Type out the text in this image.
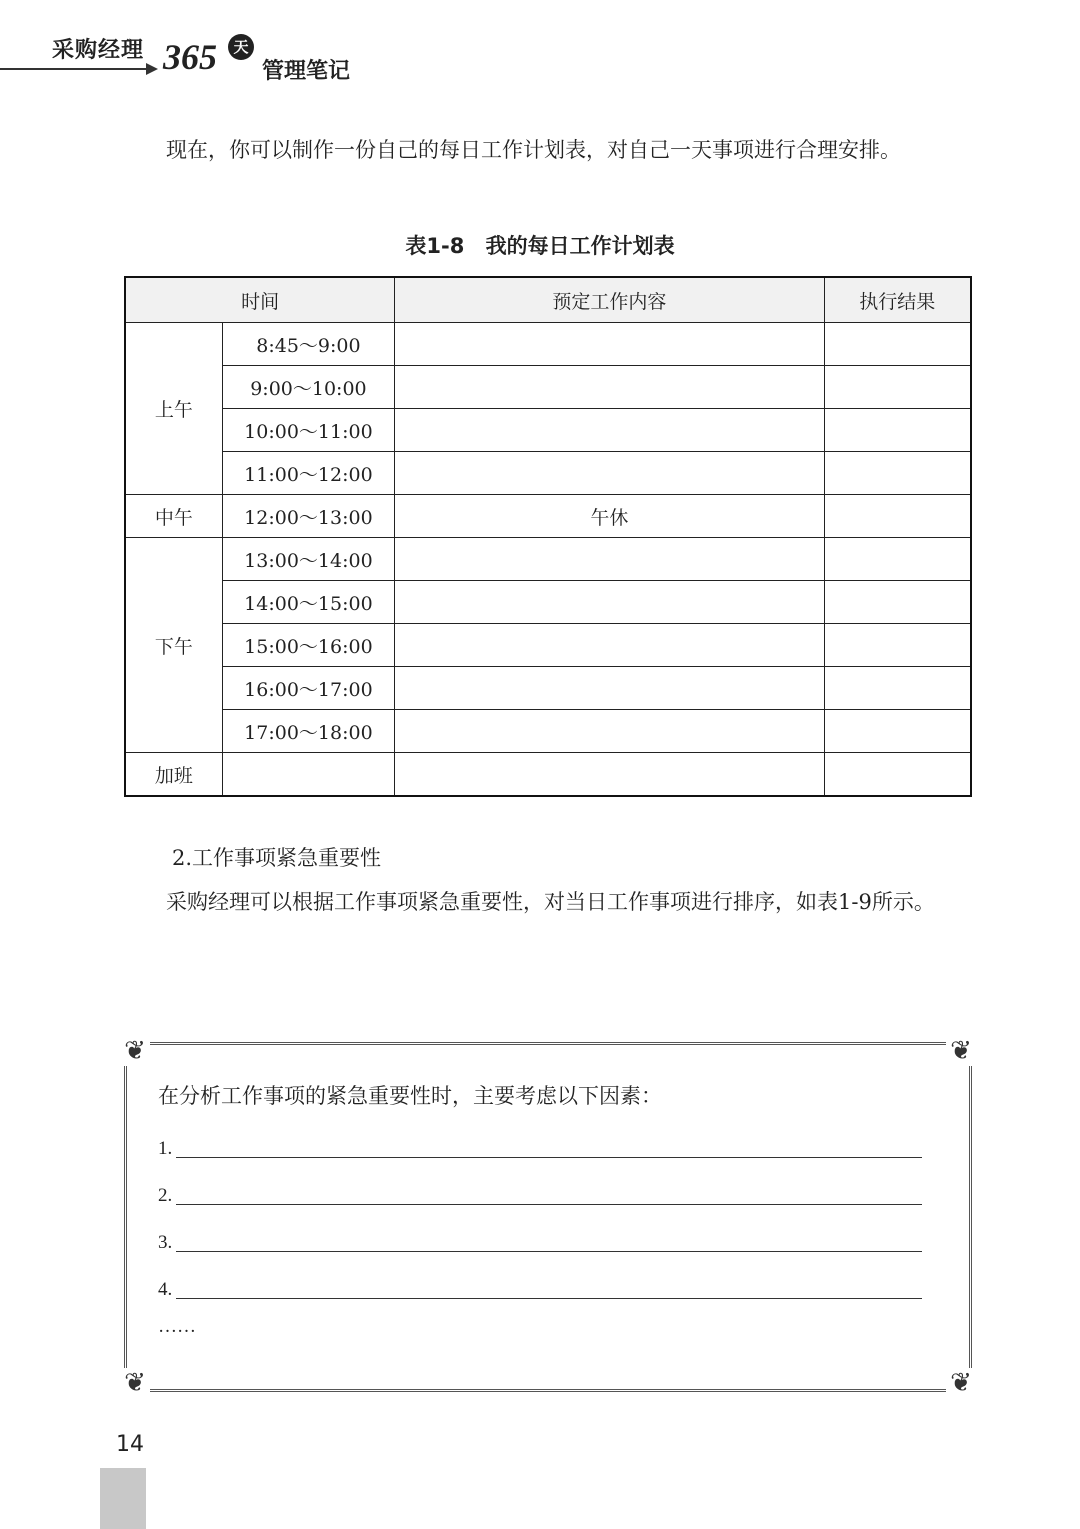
采购经理 365	天
管理笔记
现在，你可以制作一份自己的每日工作计划表，对自己一天事项进行合理安排。
表1-8 我的每日工作计划表
时间		预定工作内容	执行结果
上午	8:45～9:00		
	9:00～10:00		
	10:00～11:00		
	11:00～12:00		
中午	12:00～13:00	午休	
下午	13:00～14:00		
	14:00～15:00		
	15:00～16:00		
	16:00～17:00		
	17:00～18:00		
加班			
2.工作事项紧急重要性
采购经理可以根据工作事项紧急重要性，对当日工作事项进行排序，如表1-9所示。
❦	❦
❦	❦
在分析工作事项的紧急重要性时，主要考虑以下因素：
1.
2.
3.
4.
……
14
